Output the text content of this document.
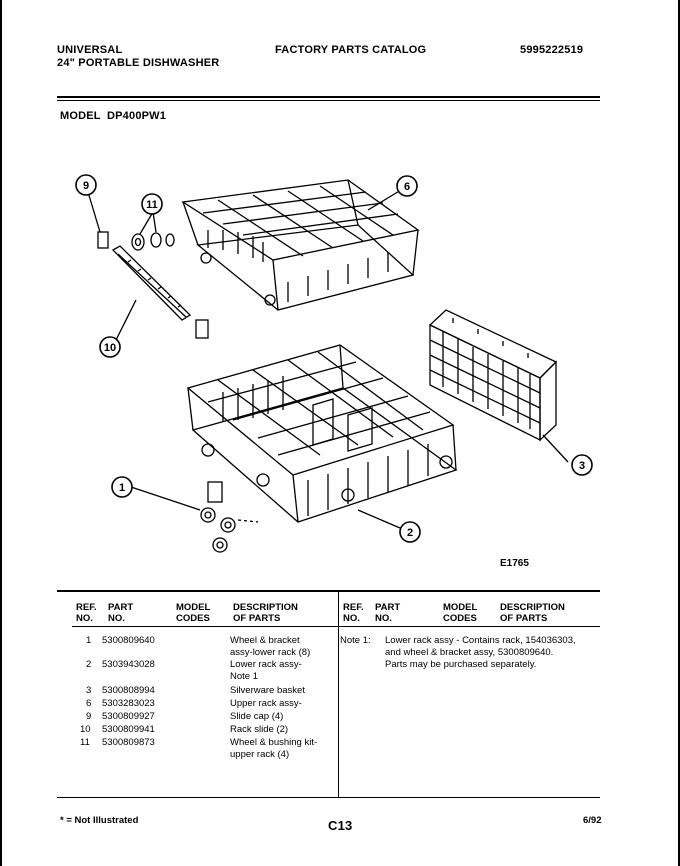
UNIVERSAL
24" PORTABLE DISHWASHER
FACTORY PARTS CATALOG	5995222519
MODEL DP400PW1
9
11
6
10
3
1
2
E1765
REF.
NO.
PART
NO.
MODEL
CODES
DESCRIPTION
OF PARTS
REF.
NO.
PART
NO.
MODEL
CODES
DESCRIPTION
OF PARTS
1 5300809640	Wheel & bracket
assy-lower rack (8)
2 5303943028	Lower rack assy-
Note 1
3 5300808994	Silverware basket
6 5303283023	Upper rack assy-
9 5300809927	Slide cap (4)
10 5300809941	Rack slide (2)
11 5300809873	Wheel & bushing kit-
upper rack (4)
Note 1: Lower rack assy - Contains rack, 154036303,
and wheel & bracket assy, 5300809640.
Parts may be purchased separately.
* = Not Illustrated	C13	6/92
